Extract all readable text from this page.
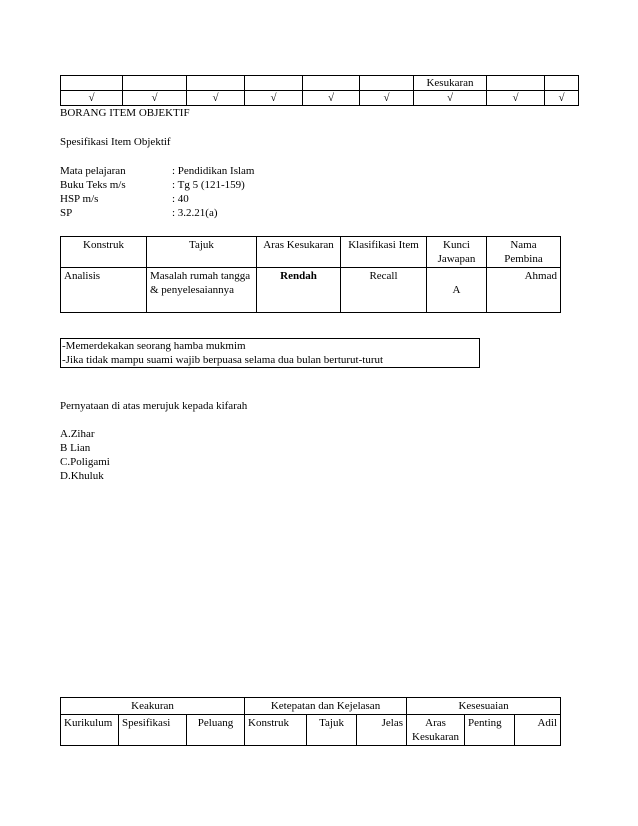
						Kesukaran		
√	√	√	√	√	√	√	√	√
BORANG ITEM OBJEKTIF
Spesifikasi Item Objektif
Mata pelajaran	: Pendidikan Islam
Buku Teks m/s	: Tg 5 (121-159)
HSP m/s	: 40
SP	: 3.2.21(a)
Konstruk	Tajuk	Aras Kesukaran	Klasifikasi Item	Kunci Jawapan	Nama Pembina
Analisis	Masalah rumah tangga & penyelesaiannya	Rendah	Recall	A	Ahmad
-Memerdekakan seorang hamba mukmim
-Jika tidak mampu suami wajib berpuasa selama dua bulan berturut-turut
Pernyataan di atas merujuk kepada kifarah
A.Zihar
B Lian
C.Poligami
D.Khuluk
Keakuran			Ketepatan dan Kejelasan			Kesesuaian		
Kurikulum	Spesifikasi	Peluang	Konstruk	Tajuk	Jelas	Aras Kesukaran	Penting	Adil
